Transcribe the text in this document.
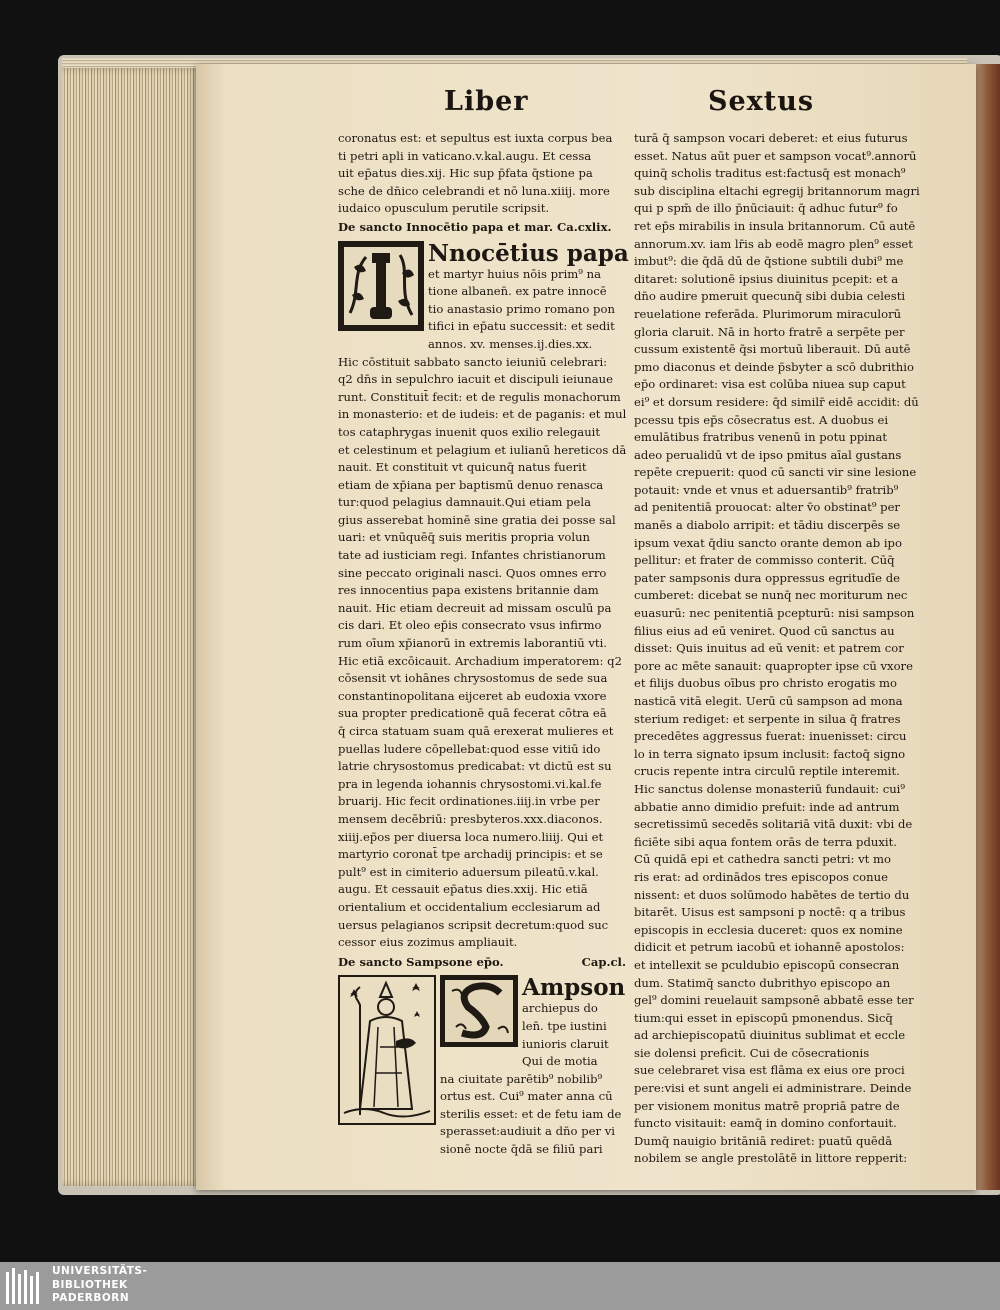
Liber	Sextus
coronatus est: et sepultus est iuxta corpus bea
ti petri apli in vaticano.v.kal.augu. Et cessa
uit ep̄atus dies.xij. Hic sup p̄fata q̄stione pa
sche de dn̄ico celebrandi et nō luna.xiiij. more
iudaico opusculum perutile scripsit.
De sancto Innocētio papa et mar. Ca.cxlix.
Nnocētius papa
et martyr huius nōis prim⁹ na
tione albanen̄. ex patre innocē
tio anastasio primo romano pon
tifici in ep̄atu successit: et sedit
annos. xv. menses.ij.dies.xx.
Hic cōstituit sabbato sancto ieiuniū celebrari:
q2 dn̄s in sepulchro iacuit et discipuli ieiunaue
runt. Constituit̄ fecit: et de regulis monachorum
in monasterio: et de iudeis: et de paganis: et mul
tos cataphrygas inuenit quos exilio relegauit
et celestinum et pelagium et iulianū hereticos dā
nauit. Et constituit vt quicunq̄ natus fuerit
etiam de xp̄iana per baptismū denuo renasca
tur:quod pelagius damnauit.Qui etiam pela
gius asserebat hominē sine gratia dei posse sal
uari: et vnūquēq̄ suis meritis propria volun
tate ad iusticiam regi. Infantes christianorum
sine peccato originali nasci. Quos omnes erro
res innocentius papa existens britannie dam
nauit. Hic etiam decreuit ad missam osculū pa
cis dari. Et oleo ep̄is consecrato vsus infirmo
rum oīum xp̄ianorū in extremis laborantiū vti.
Hic etiā excōicauit. Archadium imperatorem: q2
cōsensit vt iohānes chrysostomus de sede sua
constantinopolitana eijceret ab eudoxia vxore
sua propter predicationē quā fecerat cōtra eā
q̄ circa statuam suam quā erexerat mulieres et
puellas ludere cōpellebat:quod esse vitiū ido
latrie chrysostomus predicabat: vt dictū est su
pra in legenda iohannis chrysostomi.vi.kal.fe
bruarij. Hic fecit ordinationes.iiij.in vrbe per
mensem decēbriū: presbyteros.xxx.diaconos.
xiiij.ep̄os per diuersa loca numero.liiij. Qui et
martyrio coronat̄ tpe archadij principis: et se
pult⁹ est in cimiterio aduersum pileatū.v.kal.
augu. Et cessauit ep̄atus dies.xxij. Hic etiā
orientalium et occidentalium ecclesiarum ad
uersus pelagianos scripsit decretum:quod suc
cessor eius zozimus ampliauit.
De sancto Sampsone ep̄o.	Cap.cl.
Ampson
archiepus do
len̄. tpe iustini
iunioris claruit
Qui de motia
na ciuitate parētib⁹ nobilib⁹
ortus est. Cui⁹ mater anna cū
sterilis esset: et de fetu iam de
sperasset:audiuit a dn̄o per vi
sionē nocte q̄dā se filiū pari
turā q̄ sampson vocari deberet: et eius futurus
esset. Natus aūt puer et sampson vocat⁹.annorū
quinq̄ scholis traditus est:factusq̄ est monach⁹
sub disciplina eltachi egregij britannorum magri
qui p spm̄ de illo p̄nūciauit: q̄ adhuc futur⁹ fo
ret ep̄s mirabilis in insula britannorum. Cū autē
annorum.xv. iam lr̄is ab eodē magro plen⁹ esset
imbut⁹: die q̄dā dū de q̄stione subtili dubi⁹ me
ditaret: solutionē ipsius diuinitus pcepit: et a
dn̄o audire pmeruit quecunq̄ sibi dubia celesti
reuelatione referāda. Plurimorum miraculorū
gloria claruit. Nā in horto fratrē a serpēte per
cussum existentē q̄si mortuū liberauit. Dū autē
pmo diaconus et deinde p̄sbyter a scō dubrithio
ep̄o ordinaret: visa est colūba niuea sup caput
ei⁹ et dorsum residere: q̄d similr̄ eidē accidit: dū
pcessu tpis ep̄s cōsecratus est. A duobus ei
emulātibus fratribus venenū in potu ppinat
adeo perualidū vt de ipso pmitus aīal gustans
repēte crepuerit: quod cū sancti vir sine lesione
potauit: vnde et vnus et aduersantib⁹ fratrib⁹
ad penitentiā prouocat: alter v̄o obstinat⁹ per
manēs a diabolo arripit: et tādiu discerpēs se
ipsum vexat q̄diu sancto orante demon ab ipo
pellitur: et frater de commisso conterit. Cūq̄
pater sampsonis dura oppressus egritudīe de
cumberet: dicebat se nunq̄ nec moriturum nec
euasurū: nec penitentiā pcepturū: nisi sampson
filius eius ad eū veniret. Quod cū sanctus au
disset: Quis inuitus ad eū venit: et patrem cor
pore ac mēte sanauit: quapropter ipse cū vxore
et filijs duobus oībus pro christo erogatis mo
nasticā vitā elegit. Uerū cū sampson ad mona
sterium rediget: et serpente in silua q̄ fratres
precedētes aggressus fuerat: inuenisset: circu
lo in terra signato ipsum inclusit: factoq̄ signo
crucis repente intra circulū reptile interemit.
Hic sanctus dolense monasteriū fundauit: cui⁹
abbatie anno dimidio prefuit: inde ad antrum
secretissimū secedēs solitariā vitā duxit: vbi de
ficiēte sibi aqua fontem orās de terra pduxit.
Cū quidā epi et cathedra sancti petri: vt mo
ris erat: ad ordinādos tres episcopos conue
nissent: et duos solūmodo habētes de tertio du
bitarēt. Uisus est sampsoni p noctē: q a tribus
episcopis in ecclesia duceret: quos ex nomine
didicit et petrum iacobū et iohannē apostolos:
et intellexit se pculdubio episcopū consecran
dum. Statimq̄ sancto dubrithyo episcopo an
gel⁹ domini reuelauit sampsonē abbatē esse ter
tium:qui esset in episcopū pmonendus. Sicq̄
ad archiepiscopatū diuinitus sublimat et eccle
sie dolensi preficit. Cui de cōsecrationis
sue celebraret visa est flāma ex eius ore proci
pere:visi et sunt angeli ei administrare. Deinde
per visionem monitus matrē propriā patre de
functo visitauit: eamq̄ in domino confortauit.
Dumq̄ nauigio britāniā rediret: puatū quēdā
nobilem se angle prestolātē in littore repperit:
UNIVERSITÄTS-
BIBLIOTHEK
PADERBORN
